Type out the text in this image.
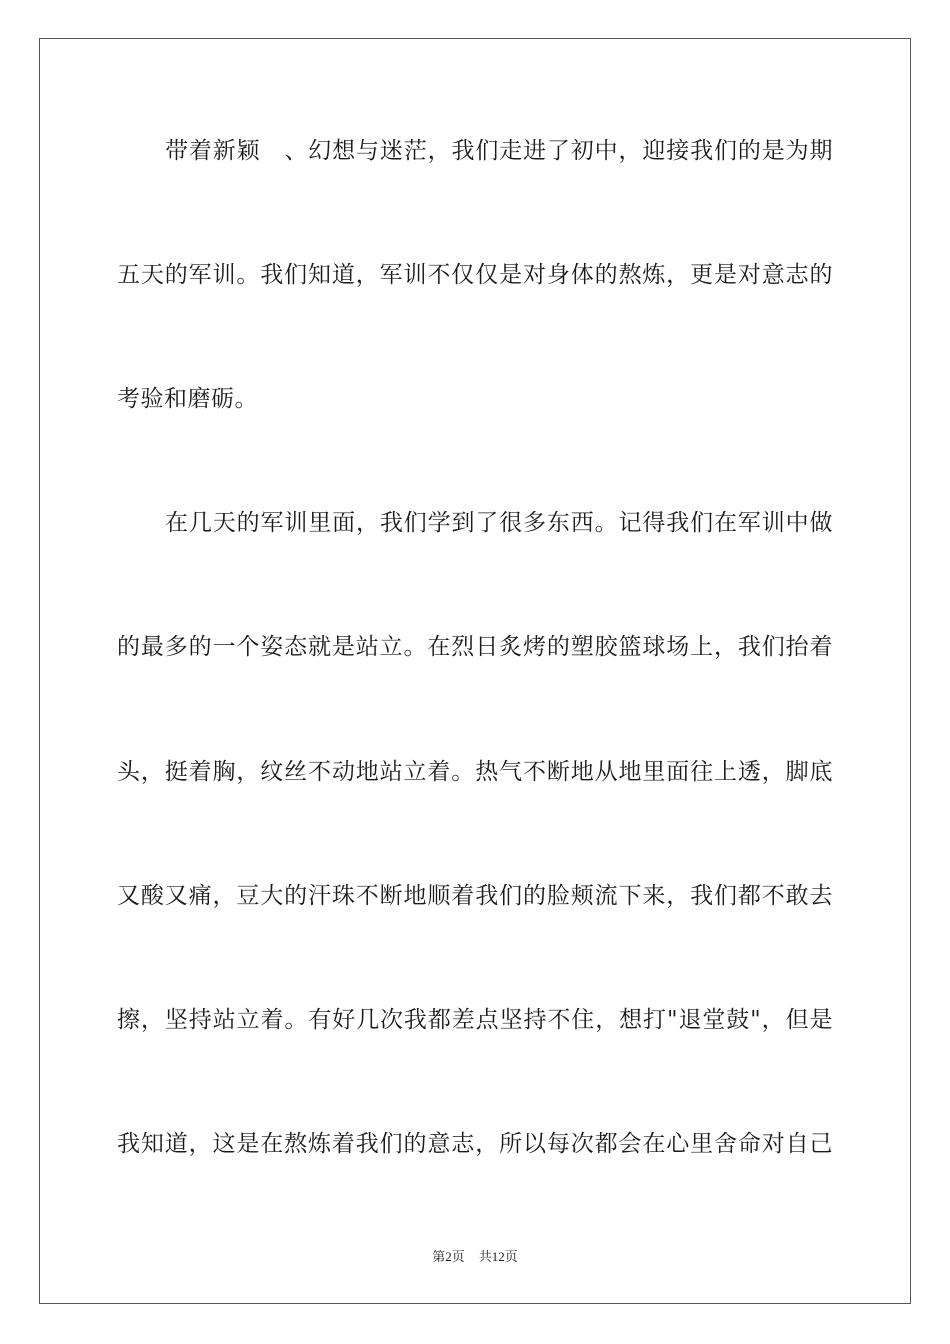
带着新颖　、幻想与迷茫，我们走进了初中，迎接我们的是为期
五天的军训。我们知道，军训不仅仅是对身体的熬炼，更是对意志的
考验和磨砺。
在几天的军训里面，我们学到了很多东西。记得我们在军训中做
的最多的一个姿态就是站立。在烈日炙烤的塑胶篮球场上，我们抬着
头，挺着胸，纹丝不动地站立着。热气不断地从地里面往上透，脚底
又酸又痛，豆大的汗珠不断地顺着我们的脸颊流下来，我们都不敢去
擦，坚持站立着。有好几次我都差点坚持不住，想打"退堂鼓"，但是
我知道，这是在熬炼着我们的意志，所以每次都会在心里舍命对自己
第2页 共12页
